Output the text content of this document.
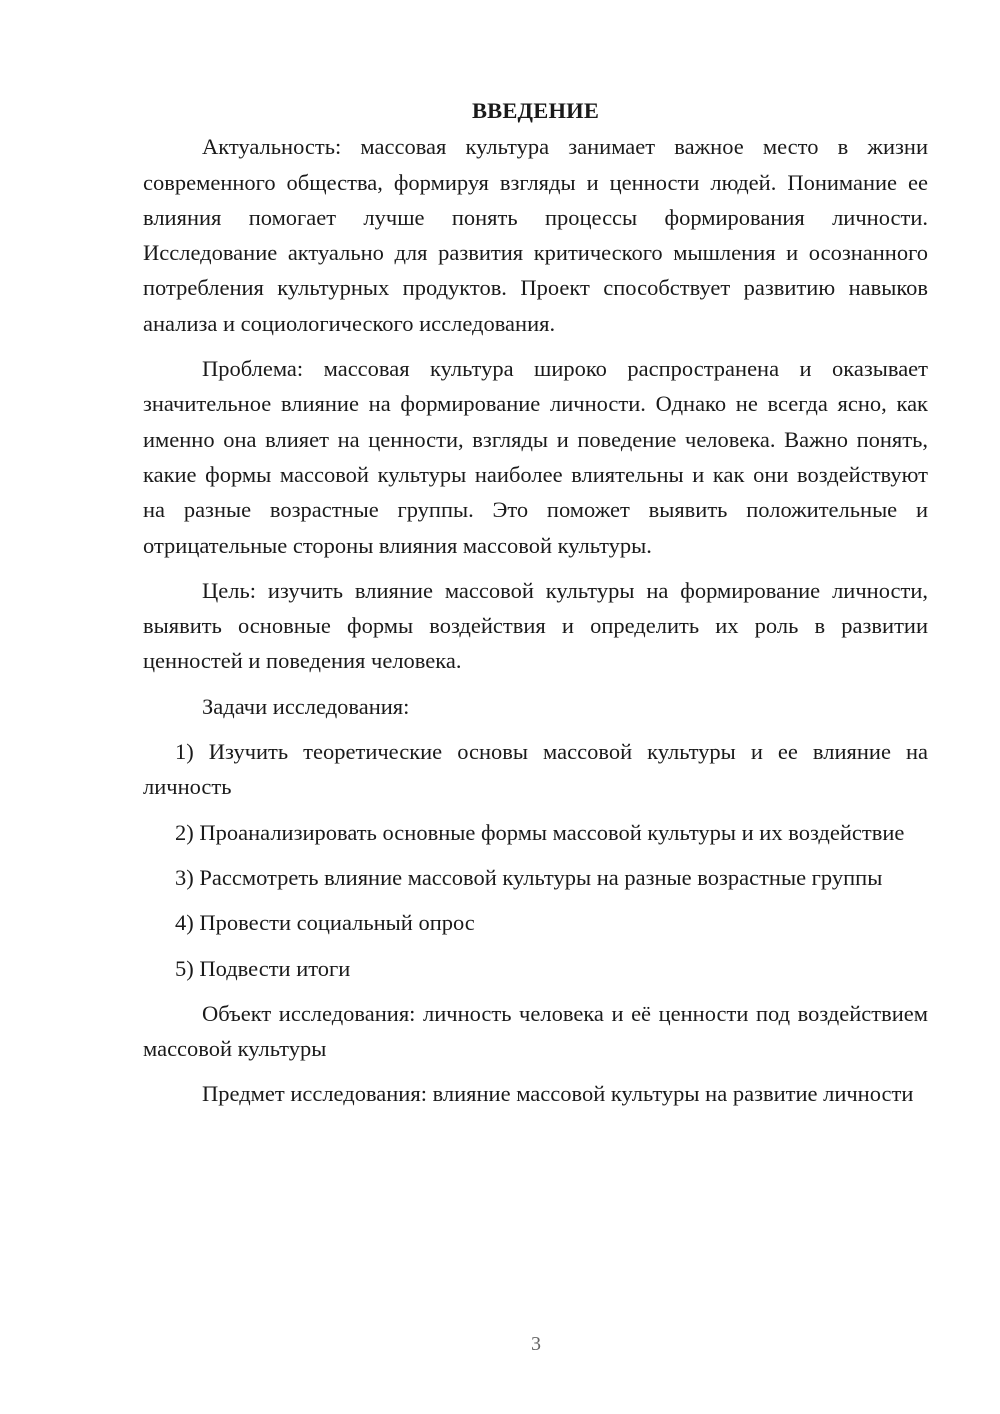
ВВЕДЕНИЕ

Актуальность: массовая культура занимает важное место в жизни современного общества, формируя взгляды и ценности людей. Понимание ее влияния помогает лучше понять процессы формирования личности. Исследование актуально для развития критического мышления и осознанного потребления культурных продуктов. Проект способствует развитию навыков анализа и социологического исследования.

Проблема: массовая культура широко распространена и оказывает значительное влияние на формирование личности. Однако не всегда ясно, как именно она влияет на ценности, взгляды и поведение человека. Важно понять, какие формы массовой культуры наиболее влиятельны и как они воздействуют на разные возрастные группы. Это поможет выявить положительные и отрицательные стороны влияния массовой культуры.

Цель: изучить влияние массовой культуры на формирование личности, выявить основные формы воздействия и определить их роль в развитии ценностей и поведения человека.

Задачи исследования:

1) Изучить теоретические основы массовой культуры и ее влияние на личность

2) Проанализировать основные формы массовой культуры и их воздействие

3) Рассмотреть влияние массовой культуры на разные возрастные группы

4) Провести социальный опрос

5) Подвести итоги

Объект исследования: личность человека и её ценности под воздействием массовой культуры

Предмет исследования: влияние массовой культуры на развитие личности

3
